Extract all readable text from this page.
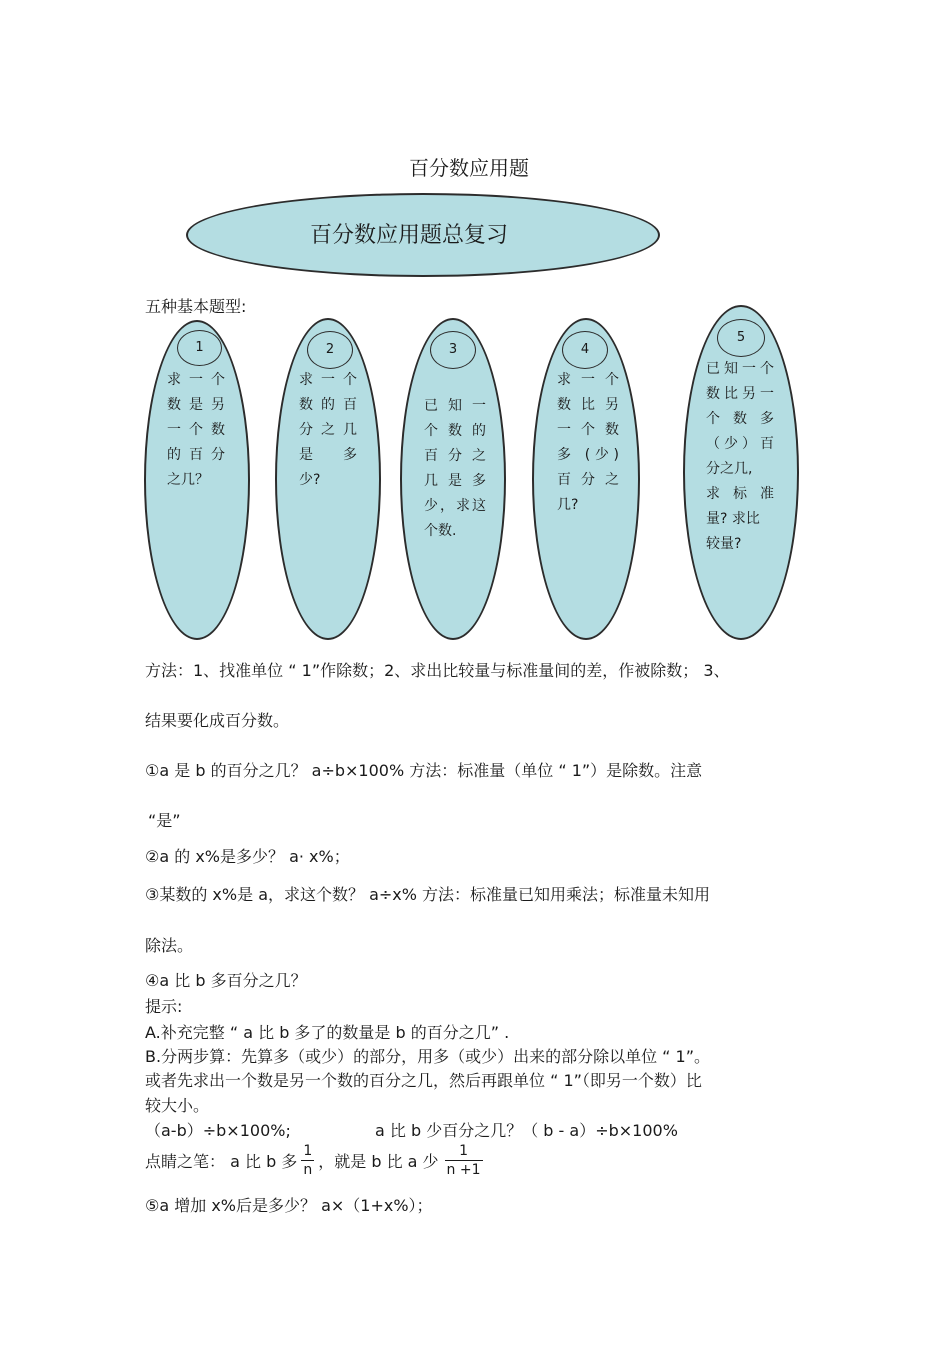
百分数应用题
百分数应用题总复习
五种基本题型:
1
求 一 个
数 是 另
一 个 数
的 百 分
之几？
2
求 一 个
数 的 百
分 之 几
是 多
少?
3
已 知 一
个 数 的
百 分 之
几 是 多
少，求这
个数.
4
求 一 个
数 比 另
一 个 数
多 (少)
百 分 之
几?
5
已知一个
数比另一
个 数 多
（少）百
分之几,
求 标 准
量? 求比
较量?
方法：1、找准单位 “ 1”作除数；2、求出比较量与标准量间的差，作被除数； 3、
结果要化成百分数。
①a 是 b 的百分之几？ a÷b×100% 方法：标准量（单位 “ 1”）是除数。注意
“是”
②a 的 x%是多少？ a· x%；
③某数的 x%是 a，求这个数？ a÷x% 方法：标准量已知用乘法；标准量未知用
除法。
④a 比 b 多百分之几？
提示:
A.补充完整 “ a 比 b 多了的数量是 b 的百分之几” .
B.分两步算：先算多（或少）的部分，用多（或少）出来的部分除以单位 “ 1”。
或者先求出一个数是另一个数的百分之几，然后再跟单位 “ 1”（即另一个数）比
较大小。
（a-b）÷b×100%;	a 比 b 少百分之几？（ b - a）÷b×100%
点睛之笔： a 比 b 多 $\frac{1}{n}$ ，就是 b 比 a 少 $\frac{1}{n +1}$
⑤a 增加 x%后是多少？ a×（1+x%）；
